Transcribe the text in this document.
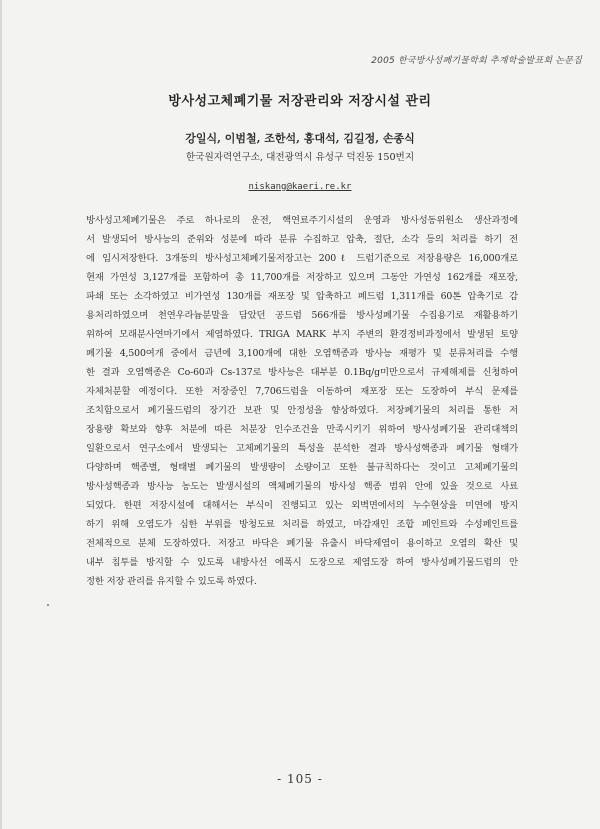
2005 한국방사성폐기물학회 추계학술발표회 논문집
방사성고체폐기물 저장관리와 저장시설 관리
강일식, 이범철, 조한석, 홍대석, 김길정, 손종식
한국원자력연구소, 대전광역시 유성구 덕진동 150번지
niskang@kaeri.re.kr
방사성고체폐기물은 주로 하나로의 운전, 핵연료주기시설의 운영과 방사성동위원소 생산과정에
서 발생되어 방사능의 준위와 성분에 따라 분류 수집하고 압축, 절단, 소각 등의 처리를 하기 전
에 임시저장한다. 3개동의 방사성고체폐기물저장고는 200ℓ 드럼기준으로 저장용량은 16,000개로
현재 가연성 3,127개를 포함하여 총 11,700개를 저장하고 있으며 그동안 가연성 162개를 재포장,
파쇄 또는 소각하였고 비가연성 130개를 재포장 및 압축하고 페드럼 1,311개를 60톤 압축기로 감
용처리하였으며 천연우라늄분말을 담았던 공드럼 566개를 방사성폐기물 수집용기로 재활용하기
위하여 모래분사연마기에서 제염하였다. TRIGA MARK 부지 주변의 환경정비과정에서 발생된 토양
폐기물 4,500여개 중에서 금년에 3,100개에 대한 오염핵종과 방사능 재평가 및 분류처리를 수행
한 결과 오염핵종은 Co-60과 Cs-137로 방사능은 대부분 0.1Bq/g미만으로서 규제해제를 신청하여
자체처분할 예정이다. 또한 저장중인 7,706드럼을 이동하여 재포장 또는 도장하여 부식 문제를
조치함으로서 폐기물드럼의 장기간 보관 및 안정성을 향상하였다. 저장폐기물의 처리를 통한 저
장용량 확보와 향후 처분에 따른 처분장 인수조건을 만족시키기 위하여 방사성폐기물 관리대책의
일환으로서 연구소에서 발생되는 고체폐기물의 특성을 분석한 결과 방사성핵종과 폐기물 형태가
다양하며 핵종별, 형태별 폐기물의 발생량이 소량이고 또한 불규칙하다는 것이고 고체폐기물의
방사성핵종과 방사능 농도는 발생시설의 액체폐기물의 방사성 핵종 범위 안에 있을 것으로 사료
되었다. 한편 저장시설에 대해서는 부식이 진행되고 있는 외벽면에서의 누수현상을 미연에 방지
하기 위해 오염도가 심한 부위를 방청도료 처리를 하였고, 마감재인 조합 페인트와 수성페인트를
전체적으로 분체 도장하였다. 저장고 바닥은 폐기물 유출시 바닥제염이 용이하고 오염의 확산 및
내부 침투를 방지할 수 있도록 내방사선 에폭시 도장으로 제염도장 하여 방사성폐기물드럼의 안
정한 저장 관리를 유지할 수 있도록 하였다.
- 105 -
